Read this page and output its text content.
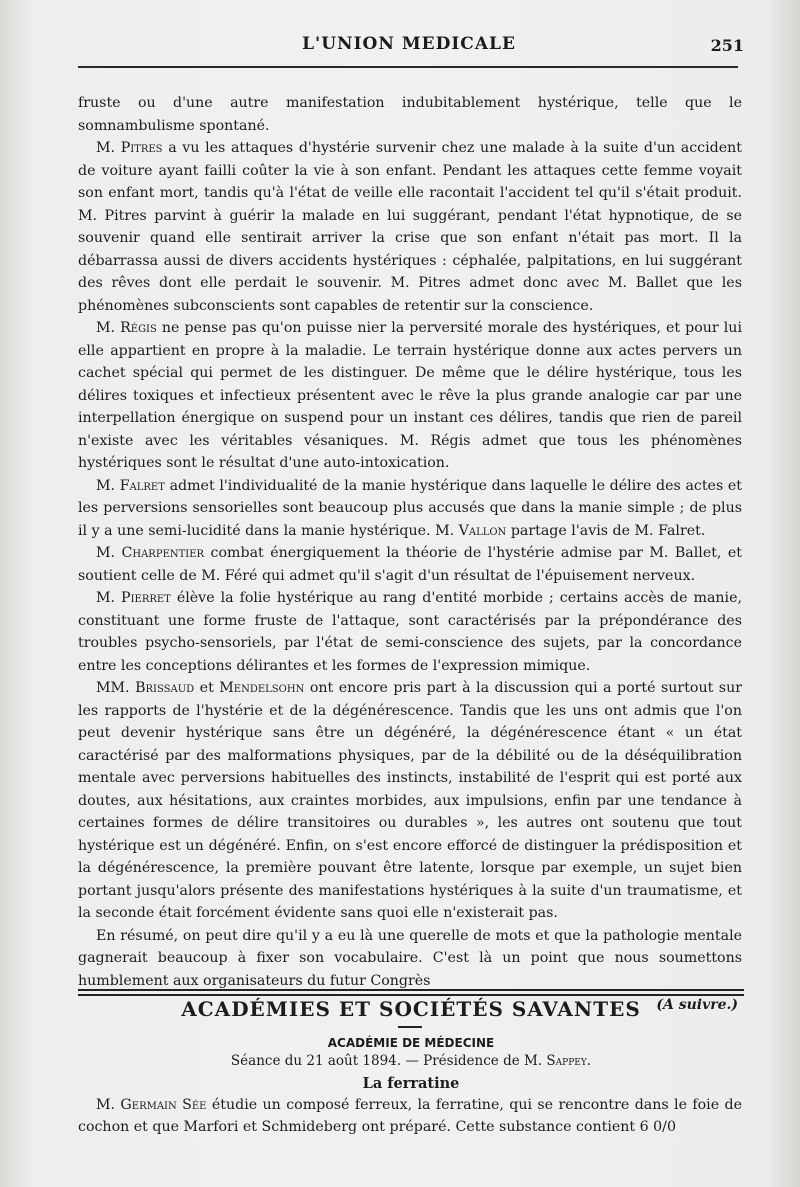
L'UNION MEDICALE	251

fruste ou d'une autre manifestation indubitablement hystérique, telle que le somnambulisme spontané.

M. Pitres a vu les attaques d'hystérie survenir chez une malade à la suite d'un accident de voiture ayant failli coûter la vie à son enfant. Pendant les attaques cette femme voyait son enfant mort, tandis qu'à l'état de veille elle racontait l'accident tel qu'il s'était produit. M. Pitres parvint à guérir la malade en lui suggérant, pendant l'état hypnotique, de se souvenir quand elle sentirait arriver la crise que son enfant n'était pas mort. Il la débarrassa aussi de divers accidents hystériques : céphalée, palpitations, en lui suggérant des rêves dont elle perdait le souvenir. M. Pitres admet donc avec M. Ballet que les phénomènes subconscients sont capables de retentir sur la conscience.

M. Régis ne pense pas qu'on puisse nier la perversité morale des hystériques, et pour lui elle appartient en propre à la maladie. Le terrain hystérique donne aux actes pervers un cachet spécial qui permet de les distinguer. De même que le délire hystérique, tous les délires toxiques et infectieux présentent avec le rêve la plus grande analogie car par une interpellation énergique on suspend pour un instant ces délires, tandis que rien de pareil n'existe avec les véritables vésaniques. M. Régis admet que tous les phénomènes hystériques sont le résultat d'une auto-intoxication.

M. Falret admet l'individualité de la manie hystérique dans laquelle le délire des actes et les perversions sensorielles sont beaucoup plus accusés que dans la manie simple ; de plus il y a une semi-lucidité dans la manie hystérique. M. Vallon partage l'avis de M. Falret.

M. Charpentier combat énergiquement la théorie de l'hystérie admise par M. Ballet, et soutient celle de M. Féré qui admet qu'il s'agit d'un résultat de l'épuisement nerveux.

M. Pierret élève la folie hystérique au rang d'entité morbide ; certains accès de manie, constituant une forme fruste de l'attaque, sont caractérisés par la prépondérance des troubles psycho-sensoriels, par l'état de semi-conscience des sujets, par la concordance entre les conceptions délirantes et les formes de l'expression mimique.

MM. Brissaud et Mendelsohn ont encore pris part à la discussion qui a porté surtout sur les rapports de l'hystérie et de la dégénérescence. Tandis que les uns ont admis que l'on peut devenir hystérique sans être un dégénéré, la dégénérescence étant « un état caractérisé par des malformations physiques, par de la débilité ou de la déséquilibration mentale avec perversions habituelles des instincts, instabilité de l'esprit qui est porté aux doutes, aux hésitations, aux craintes morbides, aux impulsions, enfin par une tendance à certaines formes de délire transitoires ou durables », les autres ont soutenu que tout hystérique est un dégénéré. Enfin, on s'est encore efforcé de distinguer la prédisposition et la dégénérescence, la première pouvant être latente, lorsque par exemple, un sujet bien portant jusqu'alors présente des manifestations hystériques à la suite d'un traumatisme, et la seconde était forcément évidente sans quoi elle n'existerait pas.

En résumé, on peut dire qu'il y a eu là une querelle de mots et que la pathologie mentale gagnerait beaucoup à fixer son vocabulaire. C'est là un point que nous soumettons humblement aux organisateurs du futur Congrès

(A suivre.)
ACADÉMIES ET SOCIÉTÉS SAVANTES
ACADÉMIE DE MÉDECINE
Séance du 21 août 1894. — Présidence de M. Sappey.
La ferratine

M. Germain Sée étudie un composé ferreux, la ferratine, qui se rencontre dans le foie de cochon et que Marfori et Schmideberg ont préparé. Cette substance contient 6 0/0
